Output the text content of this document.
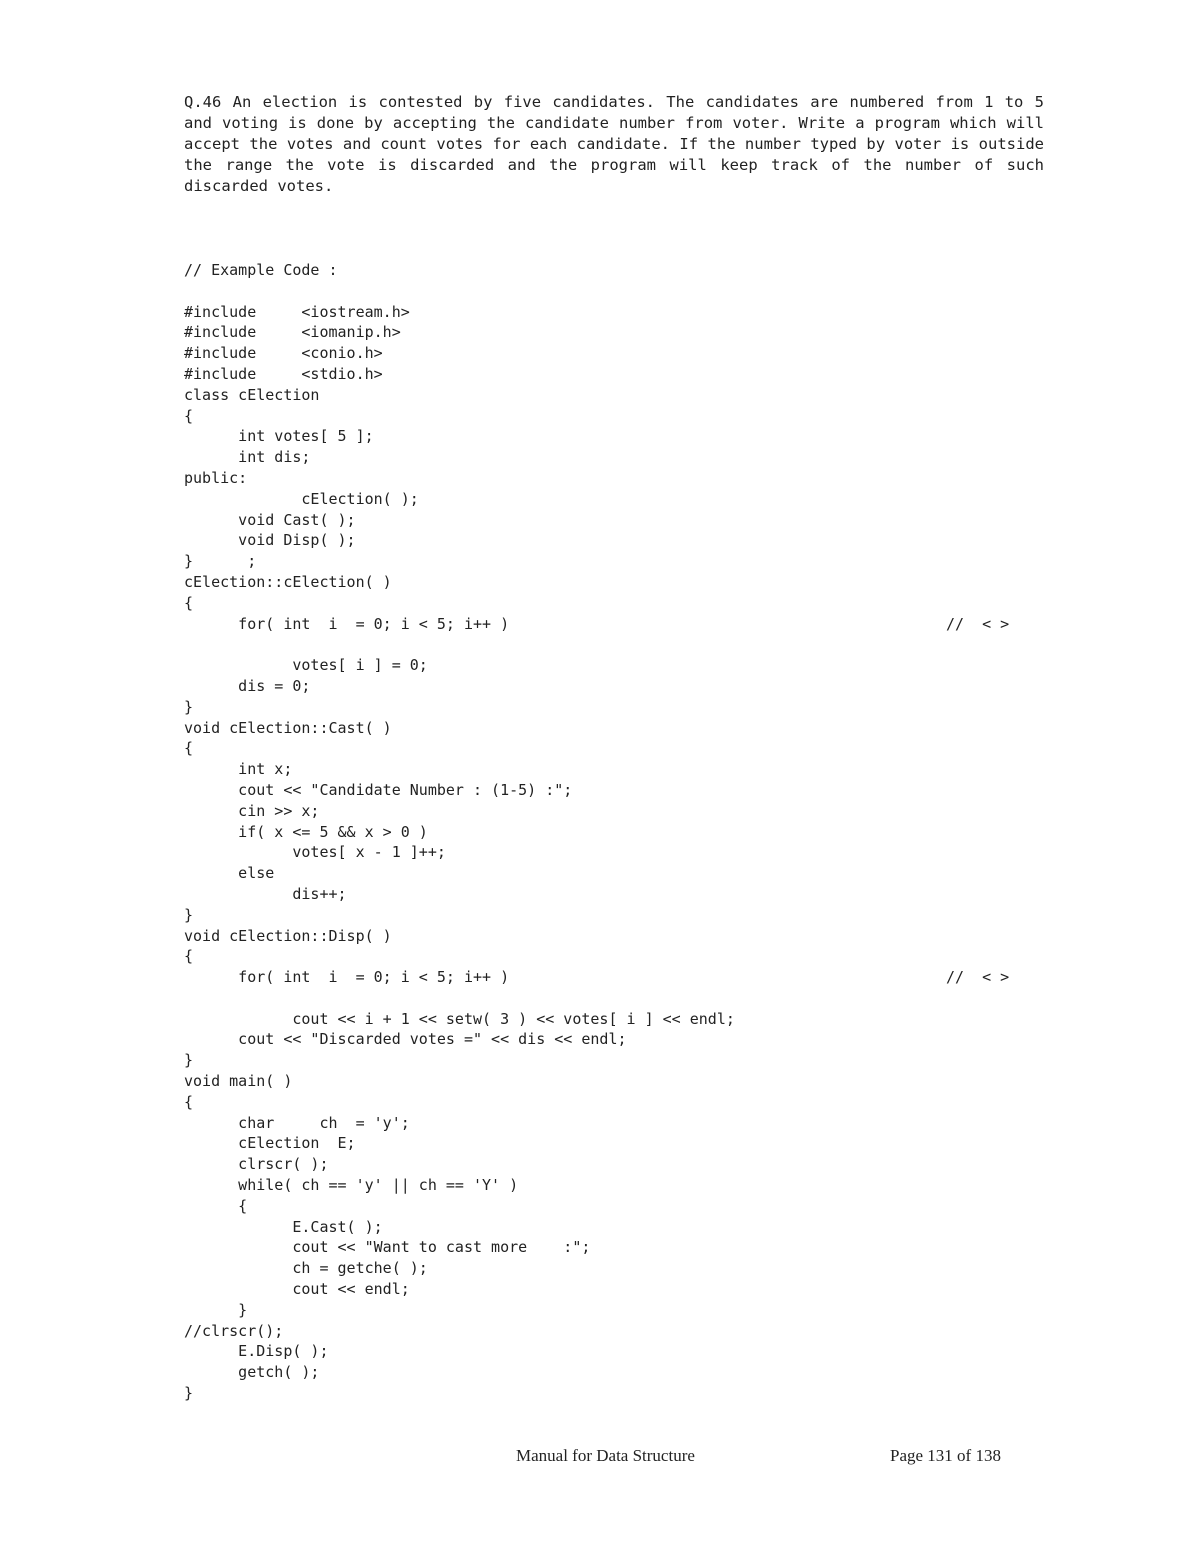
Q.46 An election is contested by five candidates. The candidates are numbered from 1 to 5 and voting is done by accepting the candidate number from voter. Write a program which will accept the votes and count votes for each candidate. If the number typed by voter is outside the range the vote is discarded and the program will keep track of the number of such discarded votes.

// Example Code :
#include     <iostream.h>
#include     <iomanip.h>
#include     <conio.h>
#include     <stdio.h>
class cElection
{
int votes[ 5 ];
int dis;
public:
cElection( );
void Cast( );
void Disp( );
}      ;
cElection::cElection( )
{
for( int  i  = 0; i < 5; i++ )	//  < >
votes[ i ] = 0;
dis = 0;
}
void cElection::Cast( )
{
int x;
cout << "Candidate Number : (1-5) :";
cin >> x;
if( x <= 5 && x > 0 )
votes[ x - 1 ]++;
else
dis++;
}
void cElection::Disp( )
{
for( int  i  = 0; i < 5; i++ )	//  < >
cout << i + 1 << setw( 3 ) << votes[ i ] << endl;
cout << "Discarded votes =" << dis << endl;
}
void main( )
{
char     ch  = 'y';
cElection  E;
clrscr( );
while( ch == 'y' || ch == 'Y' )
{
E.Cast( );
cout << "Want to cast more    :";
ch = getche( );
cout << endl;
}
//clrscr();
E.Disp( );
getch( );
}
Manual for Data Structure	Page 131 of 138
